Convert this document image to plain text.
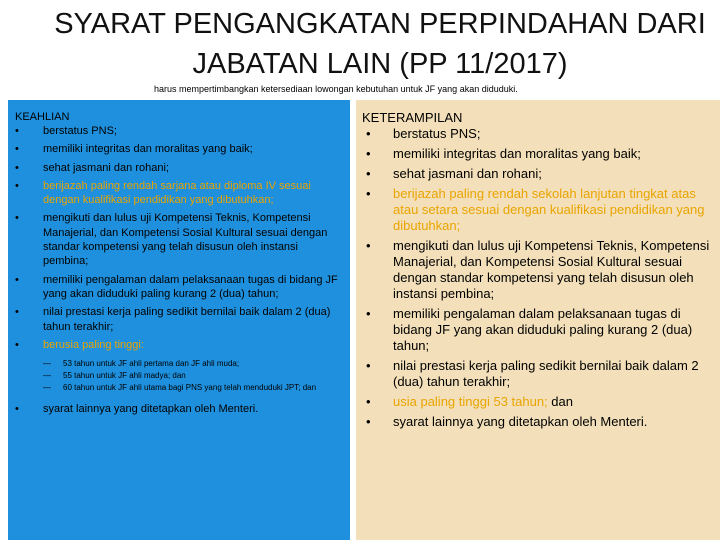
SYARAT PENGANGKATAN PERPINDAHAN DARI
JABATAN LAIN (PP 11/2017)
harus mempertimbangkan ketersediaan lowongan kebutuhan untuk JF yang akan diduduki.
KEAHLIAN
• berstatus PNS;
• memiliki integritas dan moralitas yang baik;
• sehat jasmani dan rohani;
• berijazah paling rendah sarjana atau diploma IV sesuai dengan kualifikasi pendidikan yang dibutuhkan;
• mengikuti dan lulus uji Kompetensi Teknis, Kompetensi Manajerial, dan Kompetensi Sosial Kultural sesuai dengan standar kompetensi yang telah disusun oleh instansi pembina;
• memiliki pengalaman dalam pelaksanaan tugas di bidang JF yang akan diduduki paling kurang 2 (dua) tahun;
• nilai prestasi kerja paling sedikit bernilai baik dalam 2 (dua) tahun terakhir;
• berusia paling tinggi:
— 53 tahun untuk JF ahli pertama dan JF ahli muda;
— 55 tahun untuk JF ahli madya; dan
— 60 tahun untuk JF ahli utama bagi PNS yang telah menduduki JPT; dan
• syarat lainnya yang ditetapkan oleh Menteri.
KETERAMPILAN
• berstatus PNS;
• memiliki integritas dan moralitas yang baik;
• sehat jasmani dan rohani;
• berijazah paling rendah sekolah lanjutan tingkat atas atau setara sesuai dengan kualifikasi pendidikan yang dibutuhkan;
• mengikuti dan lulus uji Kompetensi Teknis, Kompetensi Manajerial, dan Kompetensi Sosial Kultural sesuai dengan standar kompetensi yang telah disusun oleh instansi pembina;
• memiliki pengalaman dalam pelaksanaan tugas di bidang JF yang akan diduduki paling kurang 2 (dua) tahun;
• nilai prestasi kerja paling sedikit bernilai baik dalam 2 (dua) tahun terakhir;
• usia paling tinggi 53 tahun; dan
• syarat lainnya yang ditetapkan oleh Menteri.
